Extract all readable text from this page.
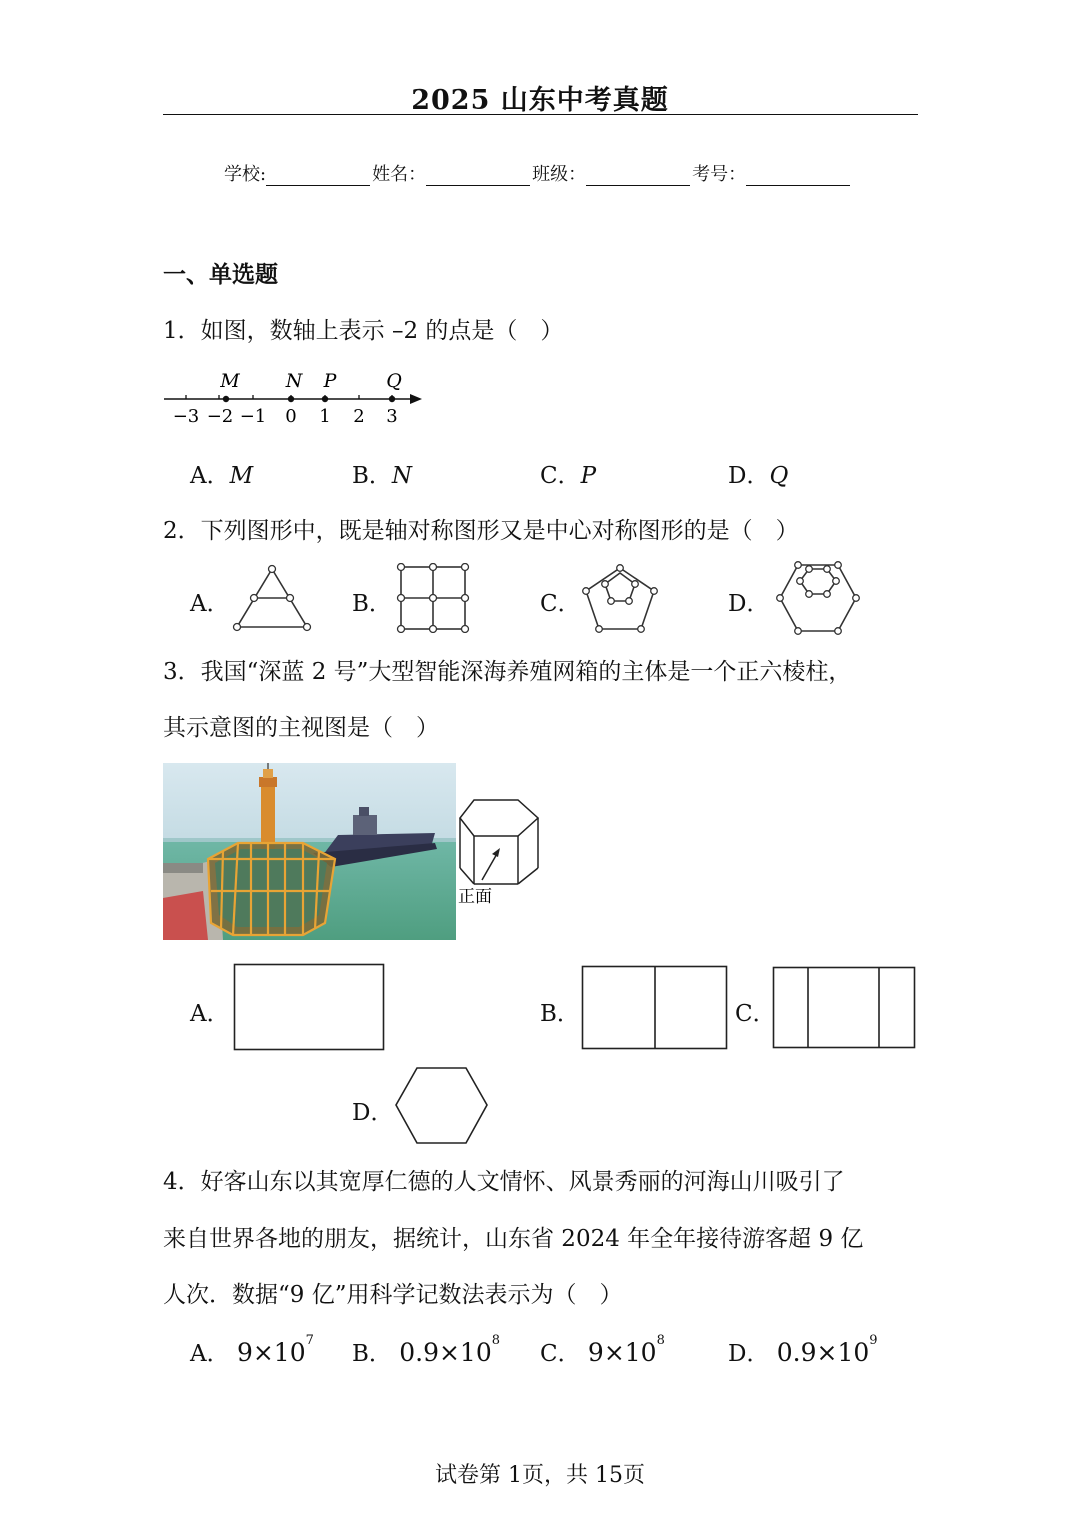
2025 山东中考真题
学校:	姓名：	班级：	考号：
一、单选题
1．如图，数轴上表示 –2 的点是（　）
M N P	Q
−3 −2 −1 0 1 2 3
A．M	B．N	C．P	D．Q
2．下列图形中，既是轴对称图形又是中心对称图形的是（　）
A．	B．	C．	D．
3．我国“深蓝 2 号”大型智能深海养殖网箱的主体是一个正六棱柱，
其示意图的主视图是（　）
正面
A．	B．	C．
D．
4．好客山东以其宽厚仁德的人文情怀、风景秀丽的河海山川吸引了
来自世界各地的朋友，据统计，山东省 2024 年全年接待游客超 9 亿
人次．数据“9 亿”用科学记数法表示为（　）
A． $9\times 10^7$
B． $0.9\times 10^8$
C． $9\times 10^8$
D． $0.9\times 10^9$
试卷第 1页，共 15页
